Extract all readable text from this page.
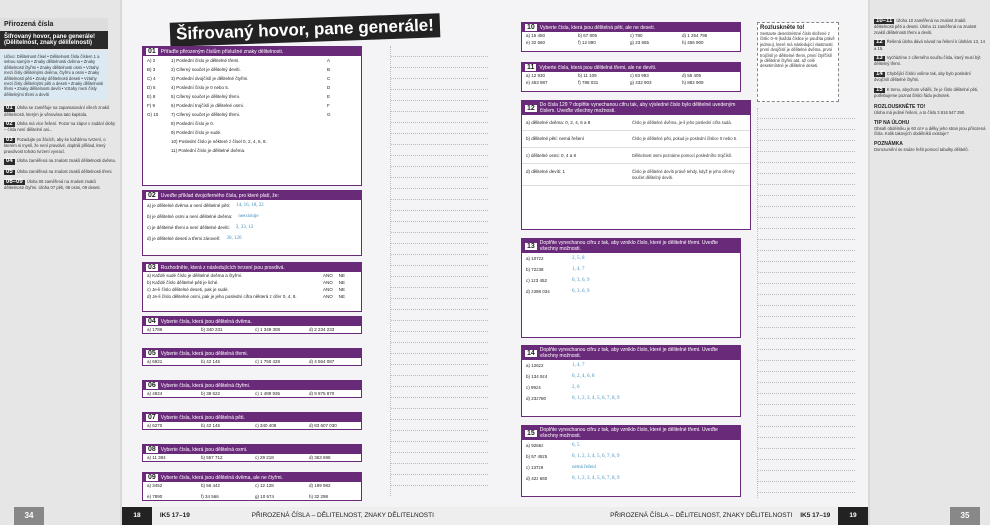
Přirozená čísla
Šifrovaný hovor, pane generále!
(Dělitelnost, znaky dělitelnosti)
Učivo: Dělitelnost čísel • Dělitelnost čísla číslem 1 a sebou samým • Znaky dělitelnosti dvěma • Znaky dělitelnosti čtyřmi • Znaky dělitelnosti osmi • Vztahy mezi čísly dělitelnými dvěma, čtyřmi a osmi • Znaky dělitelnosti pěti • Znaky dělitelnosti deseti • Vztahy mezi čísly dělitelnými pěti a deseti • Znaky dělitelnosti třemi • Znaky dělitelnosti devíti • Vztahy mezi čísly dělitelnými třemi a devíti
01 Úloha se zaměřuje na zapamatování všech znaků dělitelnosti, kterým je věnována tato kapitola.
02 Úloha má více řešení. Pozor na zápor v zadání úlohy – čísla není dělitelné ani...
03 Pozadujte po žácích, aby ke každému tvrzení, o kterém si myslí, že není pravdivé, doplnili příklad, který pravdivost tohoto tvrzení vyvrací.
04 Úloha zaměřená na znalost znaků dělitelnosti dvěma.
05 Úloha zaměřená na znalost znaků dělitelnosti třemi.
06–09 Úloha 06 zaměřená na znalost znaků dělitelnosti čtyřmi. Úloha 07 pěti, 08 osmi, 09 deseti.
34
Šifrovaný hovor, pane generále!
01	Přiřaďte přirozeným číslům příslušné znaky dělitelnosti.
A) 2	1) Poslední číslo je dělitelné třemi.	A
B) 3	2) Ciferný součet je dělitelný devíti.	B
C) 4	3) Poslední dvojčíslí je dělitelné čtyřmi.	C
D) 5	4) Poslední číslo je 0 nebo 5.	D
E) 8	5) Ciferný součet je dělitelný třemi.	E
F) 9	6) Poslední trojčíslí je dělitelné osmi.	F
G) 10	7) Ciferný součet je dělitelný třemi.	G
8) Poslední číslo je 0.
9) Poslední číslo je sudé.
10) Poslední číslo je některé z čísel 0, 2, 4, 6, 8.
11) Poslední číslo je dělitelné dvěma.
02	Uveďte příklad dvojciferného čísla, pro které platí, že:
a) je dělitelné dvěma a není dělitelné pěti: 14, 16, 18, 22
b) je dělitelné osmi a není dělitelné dvěma: neexistuje
c) je dělitelné třemi a není dělitelné devíti: 3, 33, 12
d) je dělitelné deseti a třemi zároveň: 30, 120
03	Rozhodněte, která z následujících tvrzení jsou pravdivá.
a) Každé sudé číslo je dělitelné dvěma a čtyřmi.	ANO NE
b) Každé číslo dělitelné pěti je liché.	ANO NE
c) Je-li číslo dělitelné deseti, pak je sudé.	ANO NE
d) Je-li číslo dělitelné osmi, pak je jeho poslední cifra některá z cifer 0, 4, 8.	ANO NE
04	Vyberte čísla, která jsou dělitelná dvěma.
a) 1786	b) 340 231	c) 1 349 308	d) 2 234 233
05	Vyberte čísla, která jsou dělitelná třemi.
a) 6921	b) 42 145	c) 1 750 428	d) 4 564 087
06	Vyberte čísla, která jsou dělitelná čtyřmi.
a) 4924	b) 38 622	c) 1 489 936	d) 9 875 870
07	Vyberte čísla, která jsou dělitelná pěti.
a) 6270	b) 42 145	c) 340 408	d) 83 607 030
08	Vyberte čísla, která jsou dělitelná osmi.
a) 11 384	b) 557 712	c) 29 218	d) 363 698
09	Vyberte čísla, která jsou dělitelná dvěma, ale ne čtyřmi.
a) 3452	b) 56 442	c) 12 128	d) 199 982
e) 7890	f) 34 566	g) 10 674	h) 32 298
18	IK5 17–19	PŘIROZENÁ ČÍSLA – DĚLITELNOST, ZNAKY DĚLITELNOSTI
10	Vyberte čísla, která jsou dělitelná pěti, ale ne deseti.
a) 15 450	b) 67 805	c) 780	d) 1 254 795
e) 32 560	f) 12 890	g) 23 655	h) 456 900
11	Vyberte čísla, která jsou dělitelná třemi, ale ne devíti.
a) 12 930	b) 11 109	c) 93 993	d) 55 405
e) 453 987	f) 788 031	g) 432 903	h) 882 909
12	Do čísla 129 ? doplňte vynechanou cifru tak, aby výsledné číslo bylo dělitelné uvedeným číslem. Uveďte všechny možnosti.
a) dělitelné dvěma: 0, 2, 4, 6 a 8	Číslo je dělitelné dvěma, je-li jeho poslední cifra sudá.
b) dělitelné pěti: nemá řešení	Číslo je dělitelné pěti, pokud je poslední číslice 0 nebo 5.
c) dělitelné osmi: 0, 4 a 8	Dělitelnost osmi poznáme pomocí posledního trojčíslí.
d) dělitelné devíti: 1	Číslo je dělitelné devíti právě tehdy, když je jeho ciferný součet dělitelný devíti.
13	Doplňte vynechanou cifru z tak, aby vzniklo číslo, které je dělitelné třemi. Uveďte všechny možnosti.
a) 107z2	2, 5, 8
b) 72z38	1, 4, 7
c) 1z3 452	0, 3, 6, 9
d) z398 034	0, 3, 6, 9
14	Doplňte vynechanou cifru z tak, aby vzniklo číslo, které je dělitelné třemi. Uveďte všechny možnosti.
a) 126z2	1, 4, 7
b) 134 9z4	0, 2, 4, 6, 8
c) 99z4	2, 6
d) 23z780	0, 1, 2, 3, 4, 5, 6, 7, 8, 9
15	Doplňte vynechanou cifru z tak, aby vzniklo číslo, které je dělitelné třemi. Uveďte všechny možnosti.
a) 9266z	0, 5
b) 57 48z5	0, 1, 2, 3, 4, 5, 6, 7, 8, 9
c) 137z9	nemá řešení
d) 42z 660	0, 1, 2, 3, 4, 5, 6, 7, 8, 9
Rozluskněte to!
Sestavte desetimístné číslo složené z číslic 0–9 (každá číslice je použita právě jednou), které má následující vlastnosti: první dvojčíslí je dělitelné dvěma, první trojčíslí je dělitelné třemi, první čtyřčíslí je dělitelné čtyřmi atd. až celé desetimístné je dělitelné deseti.
PŘIROZENÁ ČÍSLA – DĚLITELNOST, ZNAKY DĚLITELNOSTI IK5 17–19	19
10–11 Úloha 10 zaměřená na znalost znaků dělitelnosti pěti a deseti. Úloha 11 zaměřená na znalost znaků dělitelnosti třemi a devíti.
12 Řešená úloha dává návod na řešení k úlohám 13, 14 a 15.
13 Vycházíme z ciferného součtu čísla, který musí být dělitelný třemi.
14 Chybějící číslici volíme tak, aby bylo poslední dvojčíslí dělitelné čtyřmi.
15 K tomu, abychom věděli, že je číslo dělitelné pěti, potřebujeme poznat číslici řádu jednotek.
ROZLOUSKNĚTE TO!
Úloha má jediné řešení, a to číslo 3 816 547 290.
TIP NA ÚLOHU
Obsah obdélníku je 60 cm² a délky jeho stran jsou přirozená čísla. Kolik takových obdélníků existuje?
POZNÁMKA
Dorozumění se snáze řešit pomocí tabulky dělitelů.
35
